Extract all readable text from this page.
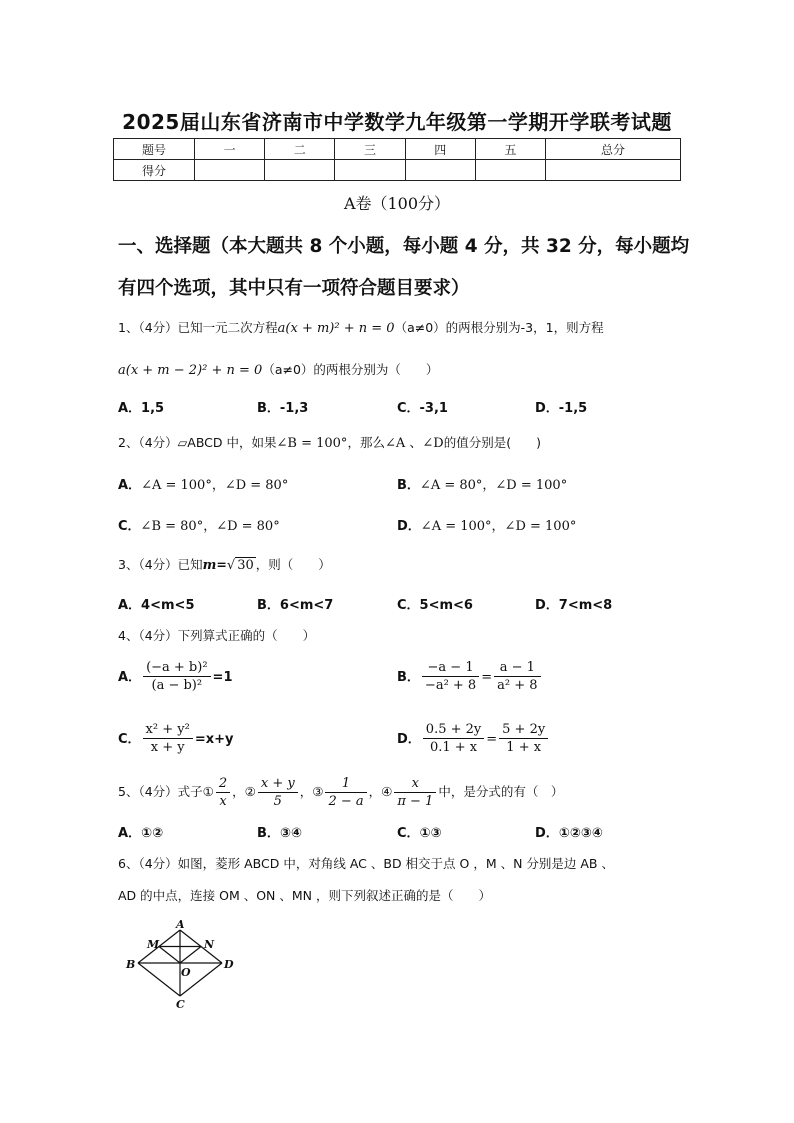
2025届山东省济南市中学数学九年级第一学期开学联考试题
题号	一	二	三	四	五	总分
得分						
A卷（100分）
一、选择题（本大题共 8 个小题，每小题 4 分，共 32 分，每小题均
有四个选项，其中只有一项符合题目要求）
1、（4分）已知一元二次方程a(x + m)² + n = 0（a≠0）的两根分别为-3，1，则方程
a(x + m − 2)² + n = 0（a≠0）的两根分别为（　　）
A．1,5	B．-1,3	C．-3,1	D．-1,5
2、（4分）▱ABCD 中，如果∠B = 100°，那么∠A 、∠D的值分别是(　　)
A．∠A = 100°，∠D = 80°	B．∠A = 80°，∠D = 100°
C．∠B = 80°，∠D = 80°	D．∠A = 100°，∠D = 100°
3、（4分）已知m=√ 30 ，则（　　）
A．4<m<5	B．6<m<7	C．5<m<6	D．7<m<8
4、（4分）下列算式正确的（　　）
A． $\frac{\text{(−a + b)²}}{\text{(a − b)²}} =1$	B． $\frac{-a - 1}{\text{−a² + 8}} = \frac{a - 1}{\text{a² + 8}}$
C． $\frac{\text{x² + y²}}{x + y} =x+y$	D． $\frac{0.5 + 2y}{0.1 + x} = \frac{5 + 2y}{1 + x}$
5、（4分）式子① $\frac{2}{x}$ ，② $\frac{x + y}{5}$ ，③ $\frac{1}{2 - a}$ ，④ $\frac{x}{\pi - 1}$ 中，是分式的有（　）
A．①②	B．③④	C．①③	D．①②③④
6、（4分）如图，菱形 ABCD 中，对角线 AC 、BD 相交于点 O ，M 、N 分别是边 AB 、
AD 的中点，连接 OM 、ON 、MN ，则下列叙述正确的是（　　）
A
B
C
D
M	N
O
